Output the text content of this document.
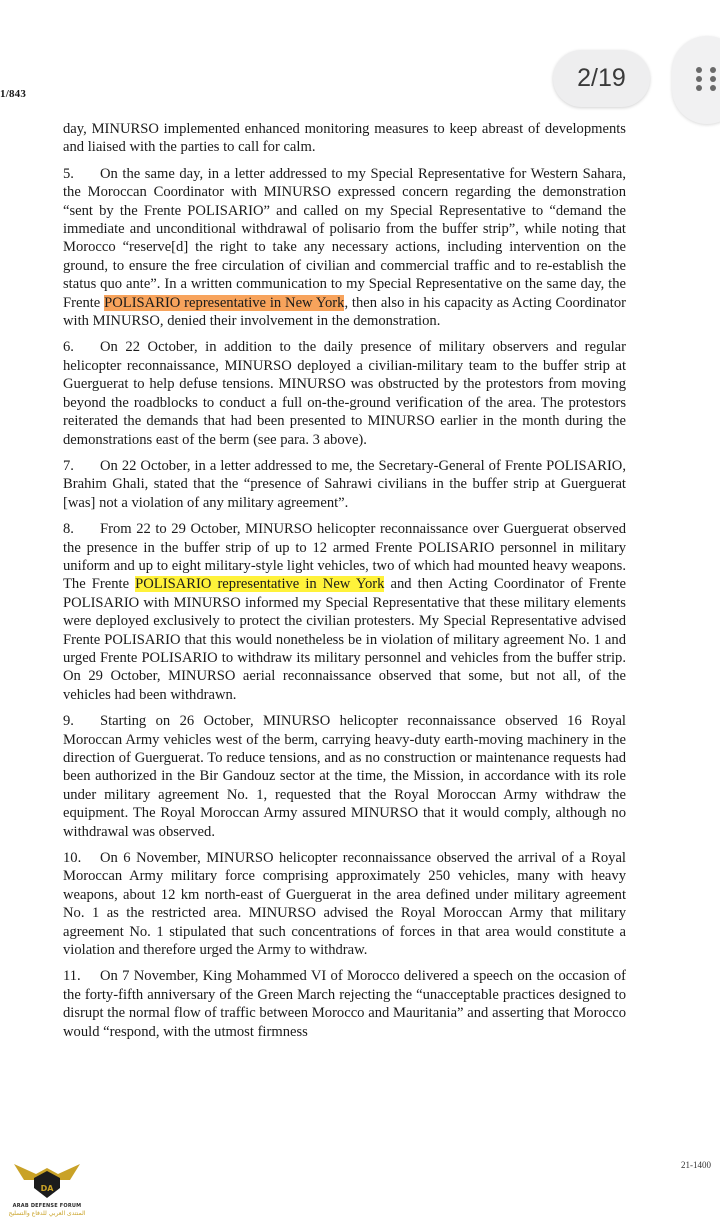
1/843
2/19

day, MINURSO implemented enhanced monitoring measures to keep abreast of developments and liaised with the parties to call for calm.

5. On the same day, in a letter addressed to my Special Representative for Western Sahara, the Moroccan Coordinator with MINURSO expressed concern regarding the demonstration “sent by the Frente POLISARIO” and called on my Special Representative to “demand the immediate and unconditional withdrawal of polisario from the buffer strip”, while noting that Morocco “reserve[d] the right to take any necessary actions, including intervention on the ground, to ensure the free circulation of civilian and commercial traffic and to re-establish the status quo ante”. In a written communication to my Special Representative on the same day, the Frente POLISARIO representative in New York, then also in his capacity as Acting Coordinator with MINURSO, denied their involvement in the demonstration.

6. On 22 October, in addition to the daily presence of military observers and regular helicopter reconnaissance, MINURSO deployed a civilian-military team to the buffer strip at Guerguerat to help defuse tensions. MINURSO was obstructed by the protestors from moving beyond the roadblocks to conduct a full on-the-ground verification of the area. The protestors reiterated the demands that had been presented to MINURSO earlier in the month during the demonstrations east of the berm (see para. 3 above).

7. On 22 October, in a letter addressed to me, the Secretary-General of Frente POLISARIO, Brahim Ghali, stated that the “presence of Sahrawi civilians in the buffer strip at Guerguerat [was] not a violation of any military agreement”.

8. From 22 to 29 October, MINURSO helicopter reconnaissance over Guerguerat observed the presence in the buffer strip of up to 12 armed Frente POLISARIO personnel in military uniform and up to eight military-style light vehicles, two of which had mounted heavy weapons. The Frente POLISARIO representative in New York and then Acting Coordinator of Frente POLISARIO with MINURSO informed my Special Representative that these military elements were deployed exclusively to protect the civilian protesters. My Special Representative advised Frente POLISARIO that this would nonetheless be in violation of military agreement No. 1 and urged Frente POLISARIO to withdraw its military personnel and vehicles from the buffer strip. On 29 October, MINURSO aerial reconnaissance observed that some, but not all, of the vehicles had been withdrawn.

9. Starting on 26 October, MINURSO helicopter reconnaissance observed 16 Royal Moroccan Army vehicles west of the berm, carrying heavy-duty earth-moving machinery in the direction of Guerguerat. To reduce tensions, and as no construction or maintenance requests had been authorized in the Bir Gandouz sector at the time, the Mission, in accordance with its role under military agreement No. 1, requested that the Royal Moroccan Army withdraw the equipment. The Royal Moroccan Army assured MINURSO that it would comply, although no withdrawal was observed.

10. On 6 November, MINURSO helicopter reconnaissance observed the arrival of a Royal Moroccan Army military force comprising approximately 250 vehicles, many with heavy weapons, about 12 km north-east of Guerguerat in the area defined under military agreement No. 1 as the restricted area. MINURSO advised the Royal Moroccan Army that military agreement No. 1 stipulated that such concentrations of forces in that area would constitute a violation and therefore urged the Army to withdraw.

11. On 7 November, King Mohammed VI of Morocco delivered a speech on the occasion of the forty-fifth anniversary of the Green March rejecting the “unacceptable practices designed to disrupt the normal flow of traffic between Morocco and Mauritania” and asserting that Morocco would “respond, with the utmost firmness

21-1400
DA
ARAB DEFENSE FORUM
المنتدى العربي للدفاع والتسليح
